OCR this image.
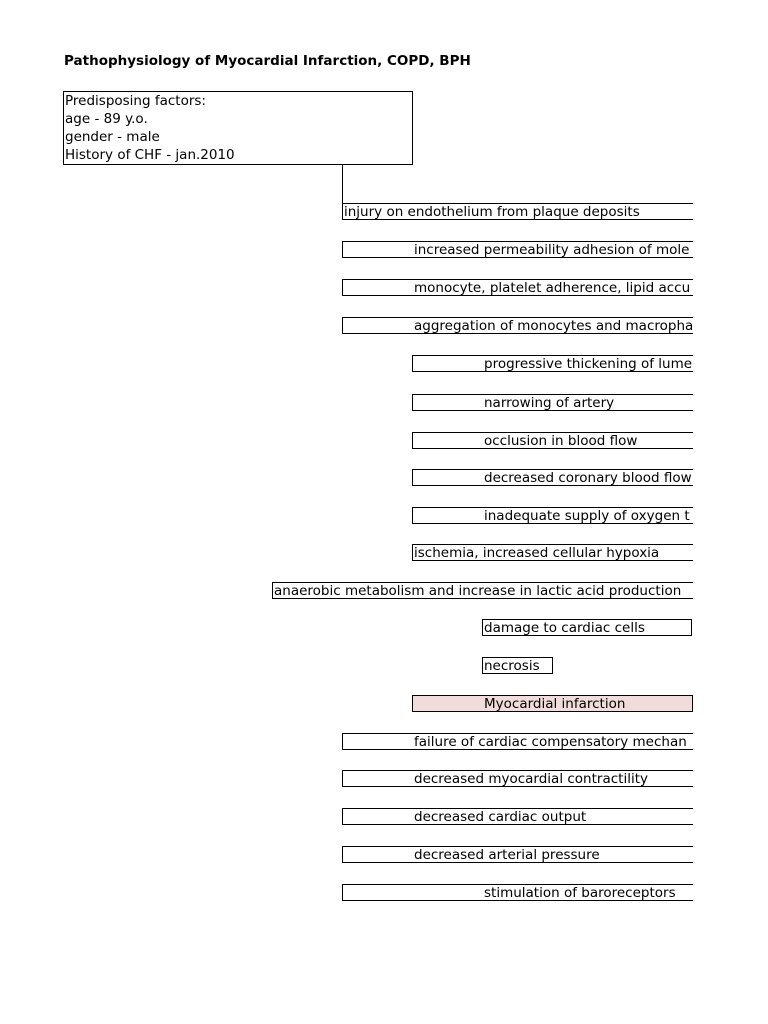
Pathophysiology of Myocardial Infarction, COPD, BPH
Predisposing factors:
age - 89 y.o.
gender - male
History of CHF - jan.2010
injury on endothelium from plaque deposits
increased permeability adhesion of mole
monocyte, platelet adherence, lipid accu
aggregation of monocytes and macropha
progressive thickening of lume
narrowing of artery
occlusion in blood flow
decreased coronary blood flow
inadequate supply of oxygen t
ischemia, increased cellular hypoxia
anaerobic metabolism and increase in lactic acid production
damage to cardiac cells
necrosis
Myocardial infarction
failure of cardiac compensatory mechan
decreased myocardial contractility
decreased cardiac output
decreased arterial pressure
stimulation of baroreceptors
